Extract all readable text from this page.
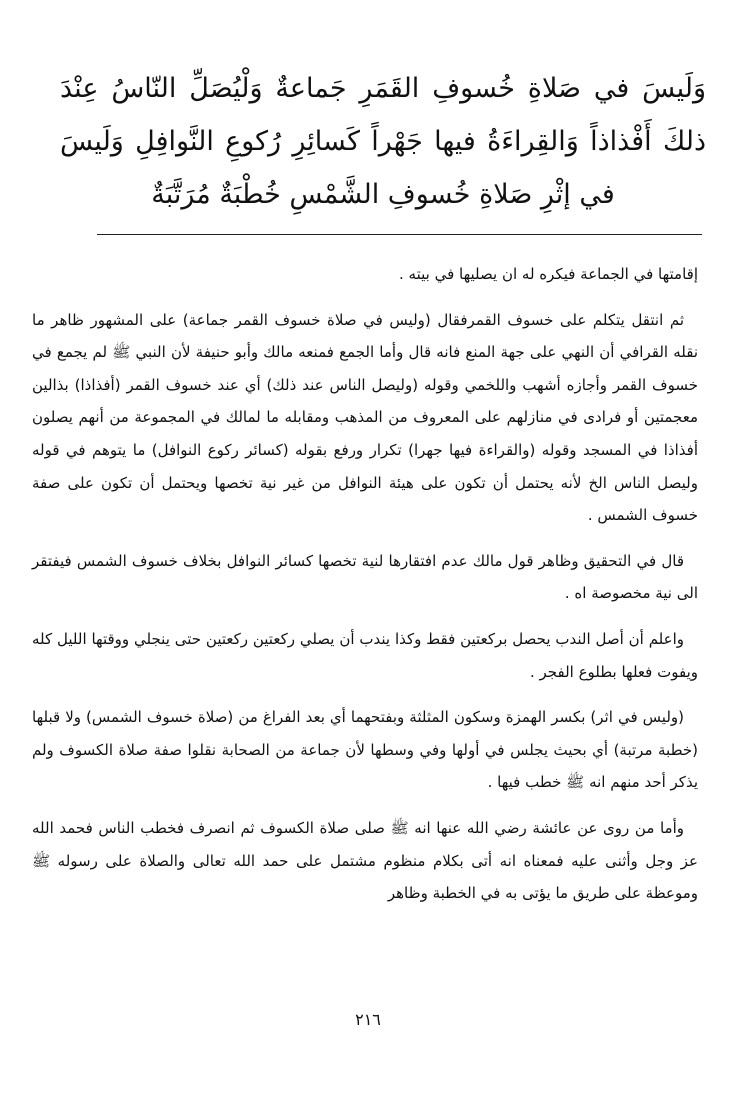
وَلَيسَ في صَلاةِ خُسوفِ القَمَرِ جَماعةٌ وَلْيُصَلِّ النّاسُ عِنْدَ ذلكَ أَفْذاذاً وَالقِراءَةُ فيها جَهْراً كَسائِرِ رُكوعِ النَّوافِلِ وَلَيسَ في إثْرِ صَلاةِ خُسوفِ الشَّمْسِ خُطْبَةٌ مُرَتَّبَةٌ

إقامتها في الجماعة فيكره له ان يصليها في بيته .

ثم انتقل يتكلم على خسوف القمرفقال (وليس في صلاة خسوف القمر جماعة) على المشهور ظاهر ما نقله القرافي أن النهي على جهة المنع فانه قال وأما الجمع فمنعه مالك وأبو حنيفة لأن النبي ﷺ لم يجمع في خسوف القمر وأجازه أشهب واللخمي وقوله (وليصل الناس عند ذلك) أي عند خسوف القمر (أفذاذا) بذالين معجمتين أو فرادى في منازلهم على المعروف من المذهب ومقابله ما لمالك في المجموعة من أنهم يصلون أفذاذا في المسجد وقوله (والقراءة فيها جهرا) تكرار ورفع بقوله (كسائر ركوع النوافل) ما يتوهم في قوله وليصل الناس الخ لأنه يحتمل أن تكون على هيئة النوافل من غير نية تخصها ويحتمل أن تكون على صفة خسوف الشمس .

قال في التحقيق وظاهر قول مالك عدم افتقارها لنية تخصها كسائر النوافل بخلاف خسوف الشمس فيفتقر الى نية مخصوصة اه .

واعلم أن أصل الندب يحصل بركعتين فقط وكذا يندب أن يصلي ركعتين ركعتين حتى ينجلي ووقتها الليل كله ويفوت فعلها بطلوع الفجر .

(وليس في اثر) بكسر الهمزة وسكون المثلثة وبفتحهما أي بعد الفراغ من (صلاة خسوف الشمس) ولا قبلها (خطبة مرتبة) أي بحيث يجلس في أولها وفي وسطها لأن جماعة من الصحابة نقلوا صفة صلاة الكسوف ولم يذكر أحد منهم انه ﷺ خطب فيها .

وأما من روى عن عائشة رضي الله عنها انه ﷺ صلى صلاة الكسوف ثم انصرف فخطب الناس فحمد الله عز وجل وأثنى عليه فمعناه انه أتى بكلام منظوم مشتمل على حمد الله تعالى والصلاة على رسوله ﷺ وموعظة على طريق ما يؤتى به في الخطبة وظاهر

٢١٦
